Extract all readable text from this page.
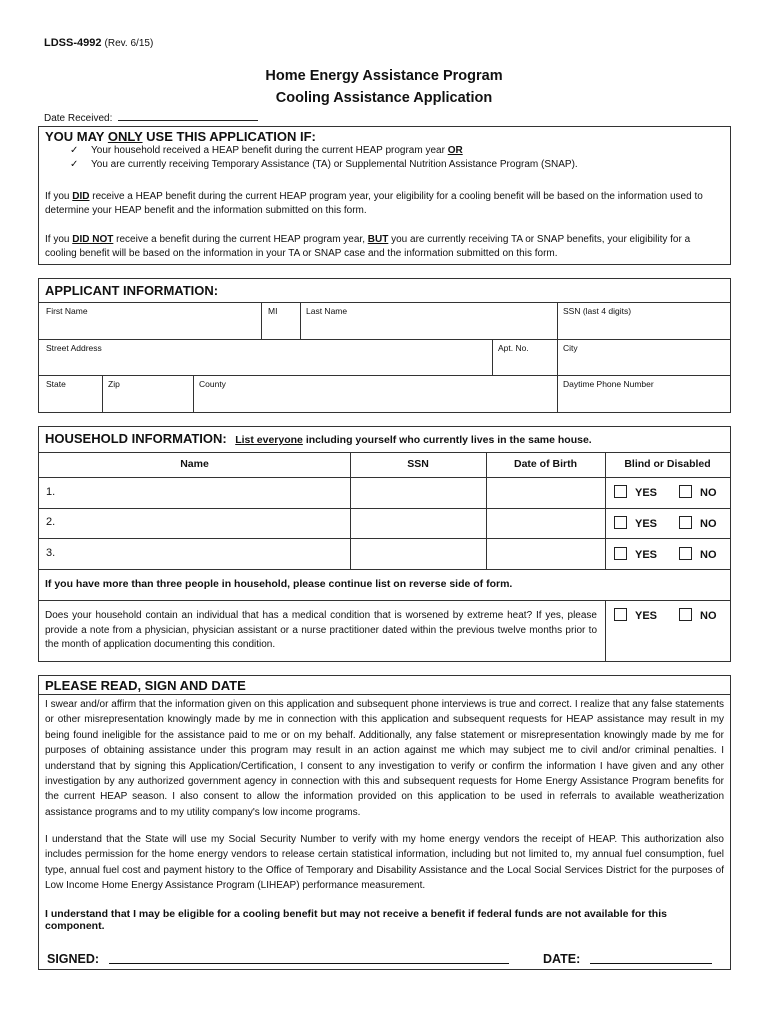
LDSS-4992 (Rev. 6/15)
Home Energy Assistance Program
Cooling Assistance Application
Date Received:
YOU MAY ONLY USE THIS APPLICATION IF:
✓ Your household received a HEAP benefit during the current HEAP program year OR
✓ You are currently receiving Temporary Assistance (TA) or Supplemental Nutrition Assistance Program (SNAP).
If you DID receive a HEAP benefit during the current HEAP program year, your eligibility for a cooling benefit will be based on the information used to determine your HEAP benefit and the information submitted on this form.
If you DID NOT receive a benefit during the current HEAP program year, BUT you are currently receiving TA or SNAP benefits, your eligibility for a cooling benefit will be based on the information in your TA or SNAP case and the information submitted on this form.
APPLICANT INFORMATION:
First Name	MI	Last Name	SSN (last 4 digits)
Street Address	Apt. No.	City
State	Zip	County	Daytime Phone Number
HOUSEHOLD INFORMATION: List everyone including yourself who currently lives in the same house.
Name	SSN	Date of Birth	Blind or Disabled
1.	YES	NO
2.	YES	NO
3.	YES	NO
If you have more than three people in household, please continue list on reverse side of form.
Does your household contain an individual that has a medical condition that is worsened by extreme heat? If yes, please provide a note from a physician, physician assistant or a nurse practitioner dated within the previous twelve months prior to the month of application documenting this condition.
YES	NO
PLEASE READ, SIGN AND DATE
I swear and/or affirm that the information given on this application and subsequent phone interviews is true and correct. I realize that any false statements or other misrepresentation knowingly made by me in connection with this application and subsequent requests for HEAP assistance may result in my being found ineligible for the assistance paid to me or on my behalf. Additionally, any false statement or misrepresentation knowingly made by me for purposes of obtaining assistance under this program may result in an action against me which may subject me to civil and/or criminal penalties. I understand that by signing this Application/Certification, I consent to any investigation to verify or confirm the information I have given and any other investigation by any authorized government agency in connection with this and subsequent requests for Home Energy Assistance Program benefits for the current HEAP season. I also consent to allow the information provided on this application to be used in referrals to available weatherization assistance programs and to my utility company's low income programs.
I understand that the State will use my Social Security Number to verify with my home energy vendors the receipt of HEAP. This authorization also includes permission for the home energy vendors to release certain statistical information, including but not limited to, my annual fuel consumption, fuel type, annual fuel cost and payment history to the Office of Temporary and Disability Assistance and the Local Social Services District for the purposes of Low Income Home Energy Assistance Program (LIHEAP) performance measurement.
I understand that I may be eligible for a cooling benefit but may not receive a benefit if federal funds are not available for this component.
SIGNED:	DATE:
